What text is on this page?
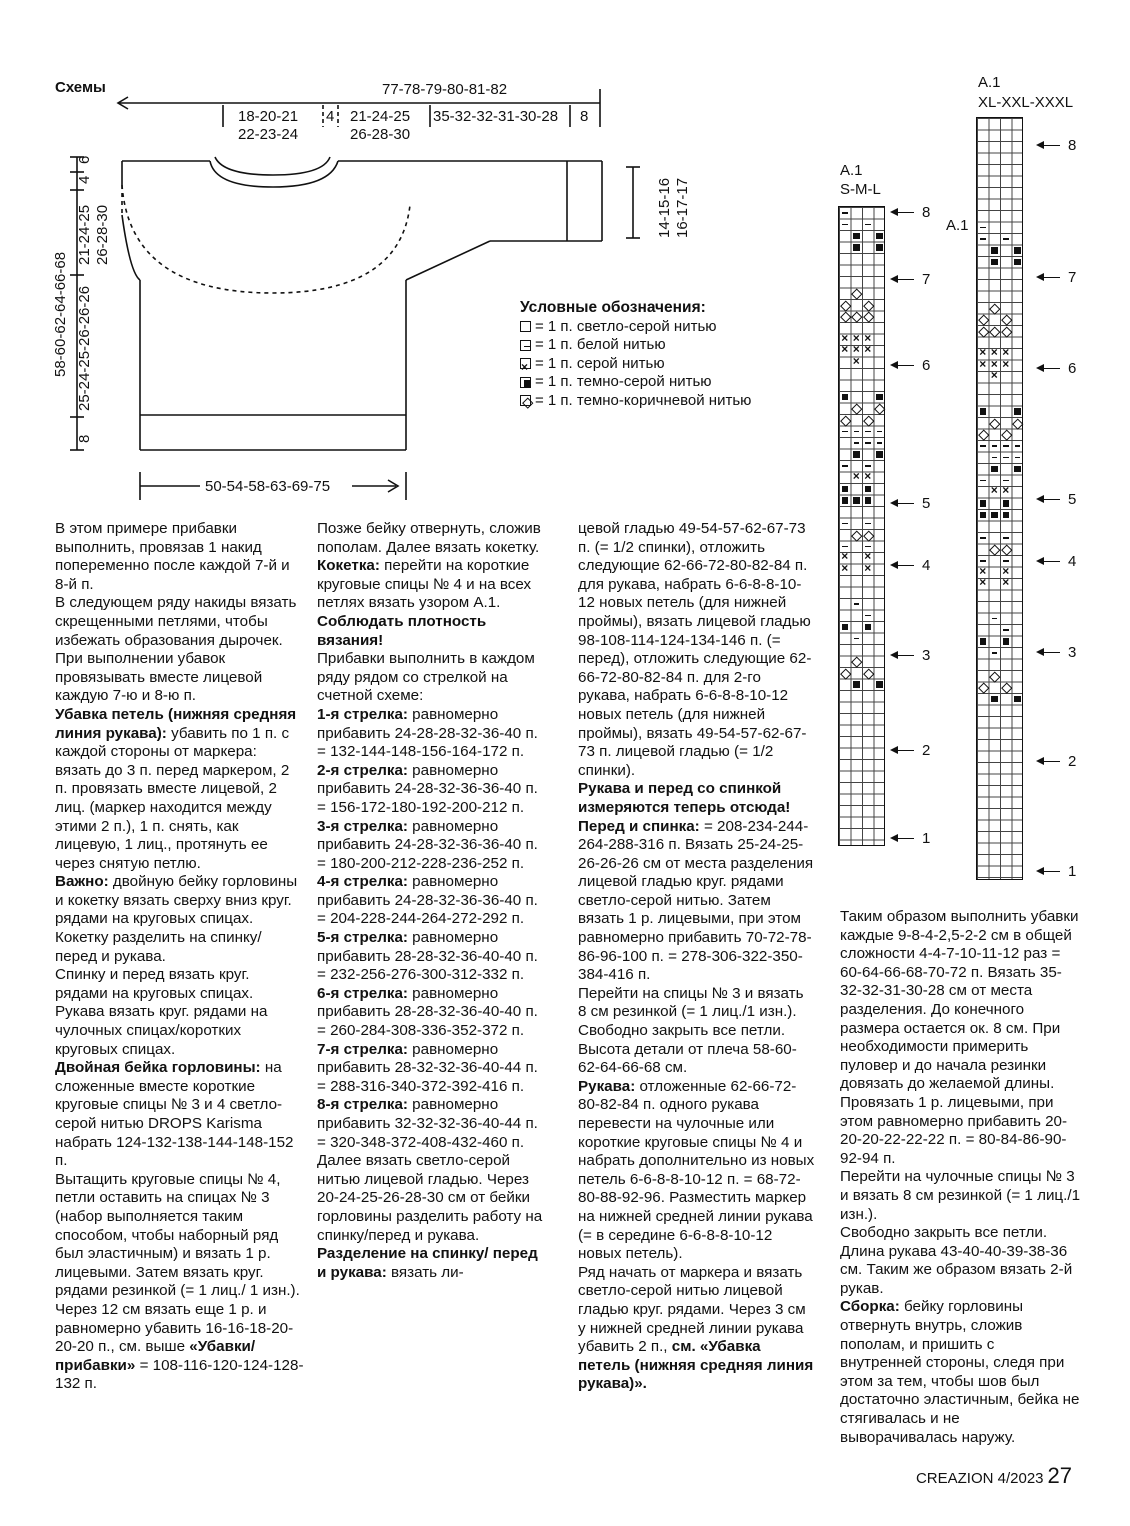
Схемы	77-78-79-80-81-82
18-20-21
22-23-24
4 21-24-25
26-28-30
35-32-32-31-30-28 8
58-60-62-64-66-68 25-24-25-26-26-26
8
21-24-25 26-28-30
4
6
14-15-16 16-17-17
50-54-58-63-69-75
Условные обозначения:
= 1 п. светло-серой нитью
= 1 п. белой нитью
×
= 1 п. серой нитью
= 1 п. темно-серой нитью
= 1 п. темно-коричневой нитью
A.1
S-M-L
×
×
×
×
×
×
×
×
×
×
×
×
×
A.1
XL-XXL-XXXL
A.1
×
×
×
×
×
×
×
×
×
×
×
×
×
8
7
6
5
4
3
2
1
8
7
6
5
4
3
2
1

В этом примере прибавки выполнить, провязав 1 накид попеременно после каждой 7-й и 8-й п.

В следующем ряду накиды вязать скрещенными петлями, чтобы избежать образования дырочек.

При выполнении убавок провязывать вместе лицевой каждую 7-ю и 8-ю п.

Убавка петель (нижняя средняя линия рукава): убавить по 1 п. с каждой стороны от маркера: вязать до 3 п. перед маркером, 2 п. провязать вместе лицевой, 2 лиц. (маркер находится между этими 2 п.), 1 п. снять, как лицевую, 1 лиц., протянуть ее через снятую петлю.

Важно: двойную бейку горловины и кокетку вязать сверху вниз круг. рядами на круговых спицах.

Кокетку разделить на спинку/ перед и рукава.

Спинку и перед вязать круг. рядами на круговых спицах. Рукава вязать круг. рядами на чулочных спицах/коротких круговых спицах.

Двойная бейка горловины: на сложенные вместе короткие круговые спицы № 3 и 4 светло-серой нитью DROPS Karisma набрать 124-132-138-144-148-152 п.

Вытащить круговые спицы № 4, петли оставить на спицах № 3 (набор выполняется таким способом, чтобы наборный ряд был эластичным) и вязать 1 р. лицевыми. Затем вязать круг. рядами резинкой (= 1 лиц./ 1 изн.). Через 12 см вязать еще 1 р. и равномерно убавить 16-16-18-20-20-20 п., см. выше «Убавки/прибавки» = 108-116-120-124-128-132 п.

Позже бейку отвернуть, сложив пополам. Далее вязать кокетку.

Кокетка: перейти на короткие круговые спицы № 4 и на всех петлях вязать узором A.1. Соблюдать плотность вязания!

Прибавки выполнить в каждом ряду рядом со стрелкой на счетной схеме:

1-я стрелка: равномерно прибавить 24-28-28-32-36-40 п. = 132-144-148-156-164-172 п.

2-я стрелка: равномерно прибавить 24-28-32-36-36-40 п. = 156-172-180-192-200-212 п.

3-я стрелка: равномерно прибавить 24-28-32-36-36-40 п. = 180-200-212-228-236-252 п.

4-я стрелка: равномерно прибавить 24-28-32-36-36-40 п. = 204-228-244-264-272-292 п.

5-я стрелка: равномерно прибавить 28-28-32-36-40-40 п. = 232-256-276-300-312-332 п.

6-я стрелка: равномерно прибавить 28-28-32-36-40-40 п. = 260-284-308-336-352-372 п.

7-я стрелка: равномерно прибавить 28-32-32-36-40-44 п. = 288-316-340-372-392-416 п.

8-я стрелка: равномерно прибавить 32-32-32-36-40-44 п. = 320-348-372-408-432-460 п.

Далее вязать светло-серой нитью лицевой гладью. Через 20-24-25-26-28-30 см от бейки горловины разделить работу на спинку/перед и рукава.

Разделение на спинку/ перед и рукава: вязать ли-

цевой гладью 49-54-57-62-67-73 п. (= 1/2 спинки), отложить следующие 62-66-72-80-82-84 п. для рукава, набрать 6-6-8-8-10-12 новых петель (для нижней проймы), вязать лицевой гладью 98-108-114-124-134-146 п. (= перед), отложить следующие 62-66-72-80-82-84 п. для 2-го рукава, набрать 6-6-8-8-10-12 новых петель (для нижней проймы), вязать 49-54-57-62-67-73 п. лицевой гладью (= 1/2 спинки).

Рукава и перед со спинкой измеряются теперь отсюда!

Перед и спинка: = 208-234-244-264-288-316 п. Вязать 25-24-25-26-26-26 см от места разделения лицевой гладью круг. рядами светло-серой нитью. Затем вязать 1 р. лицевыми, при этом равномерно прибавить 70-72-78-86-96-100 п. = 278-306-322-350-384-416 п.

Перейти на спицы № 3 и вязать 8 см резинкой (= 1 лиц./1 изн.).

Свободно закрыть все петли. Высота детали от плеча 58-60-62-64-66-68 см.

Рукава: отложенные 62-66-72-80-82-84 п. одного рукава перевести на чулочные или короткие круговые спицы № 4 и набрать дополнительно из новых петель 6-6-8-8-10-12 п. = 68-72-80-88-92-96. Разместить маркер на нижней средней линии рукава (= в середине 6-6-8-8-10-12 новых петель).

Ряд начать от маркера и вязать светло-серой нитью лицевой гладью круг. рядами. Через 3 см у нижней средней линии рукава убавить 2 п., см. «Убавка петель (нижняя средняя линия рукава)».

Таким образом выполнить убавки каждые 9-8-4-2,5-2-2 см в общей сложности 4-4-7-10-11-12 раз = 60-64-66-68-70-72 п. Вязать 35-32-32-31-30-28 см от места разделения. До конечного размера остается ок. 8 см. При необходимости примерить пуловер и до начала резинки довязать до желаемой длины. Провязать 1 р. лицевыми, при этом равномерно прибавить 20-20-20-22-22-22 п. = 80-84-86-90-92-94 п.

Перейти на чулочные спицы № 3 и вязать 8 см резинкой (= 1 лиц./1 изн.).

Свободно закрыть все петли. Длина рукава 43-40-40-39-38-36 см. Таким же образом вязать 2-й рукав.

Сборка: бейку горловины отвернуть внутрь, сложив пополам, и пришить с внутренней стороны, следя при этом за тем, чтобы шов был достаточно эластичным, бейка не стягивалась и не выворачивалась наружу.

CREAZION 4/2023 27
